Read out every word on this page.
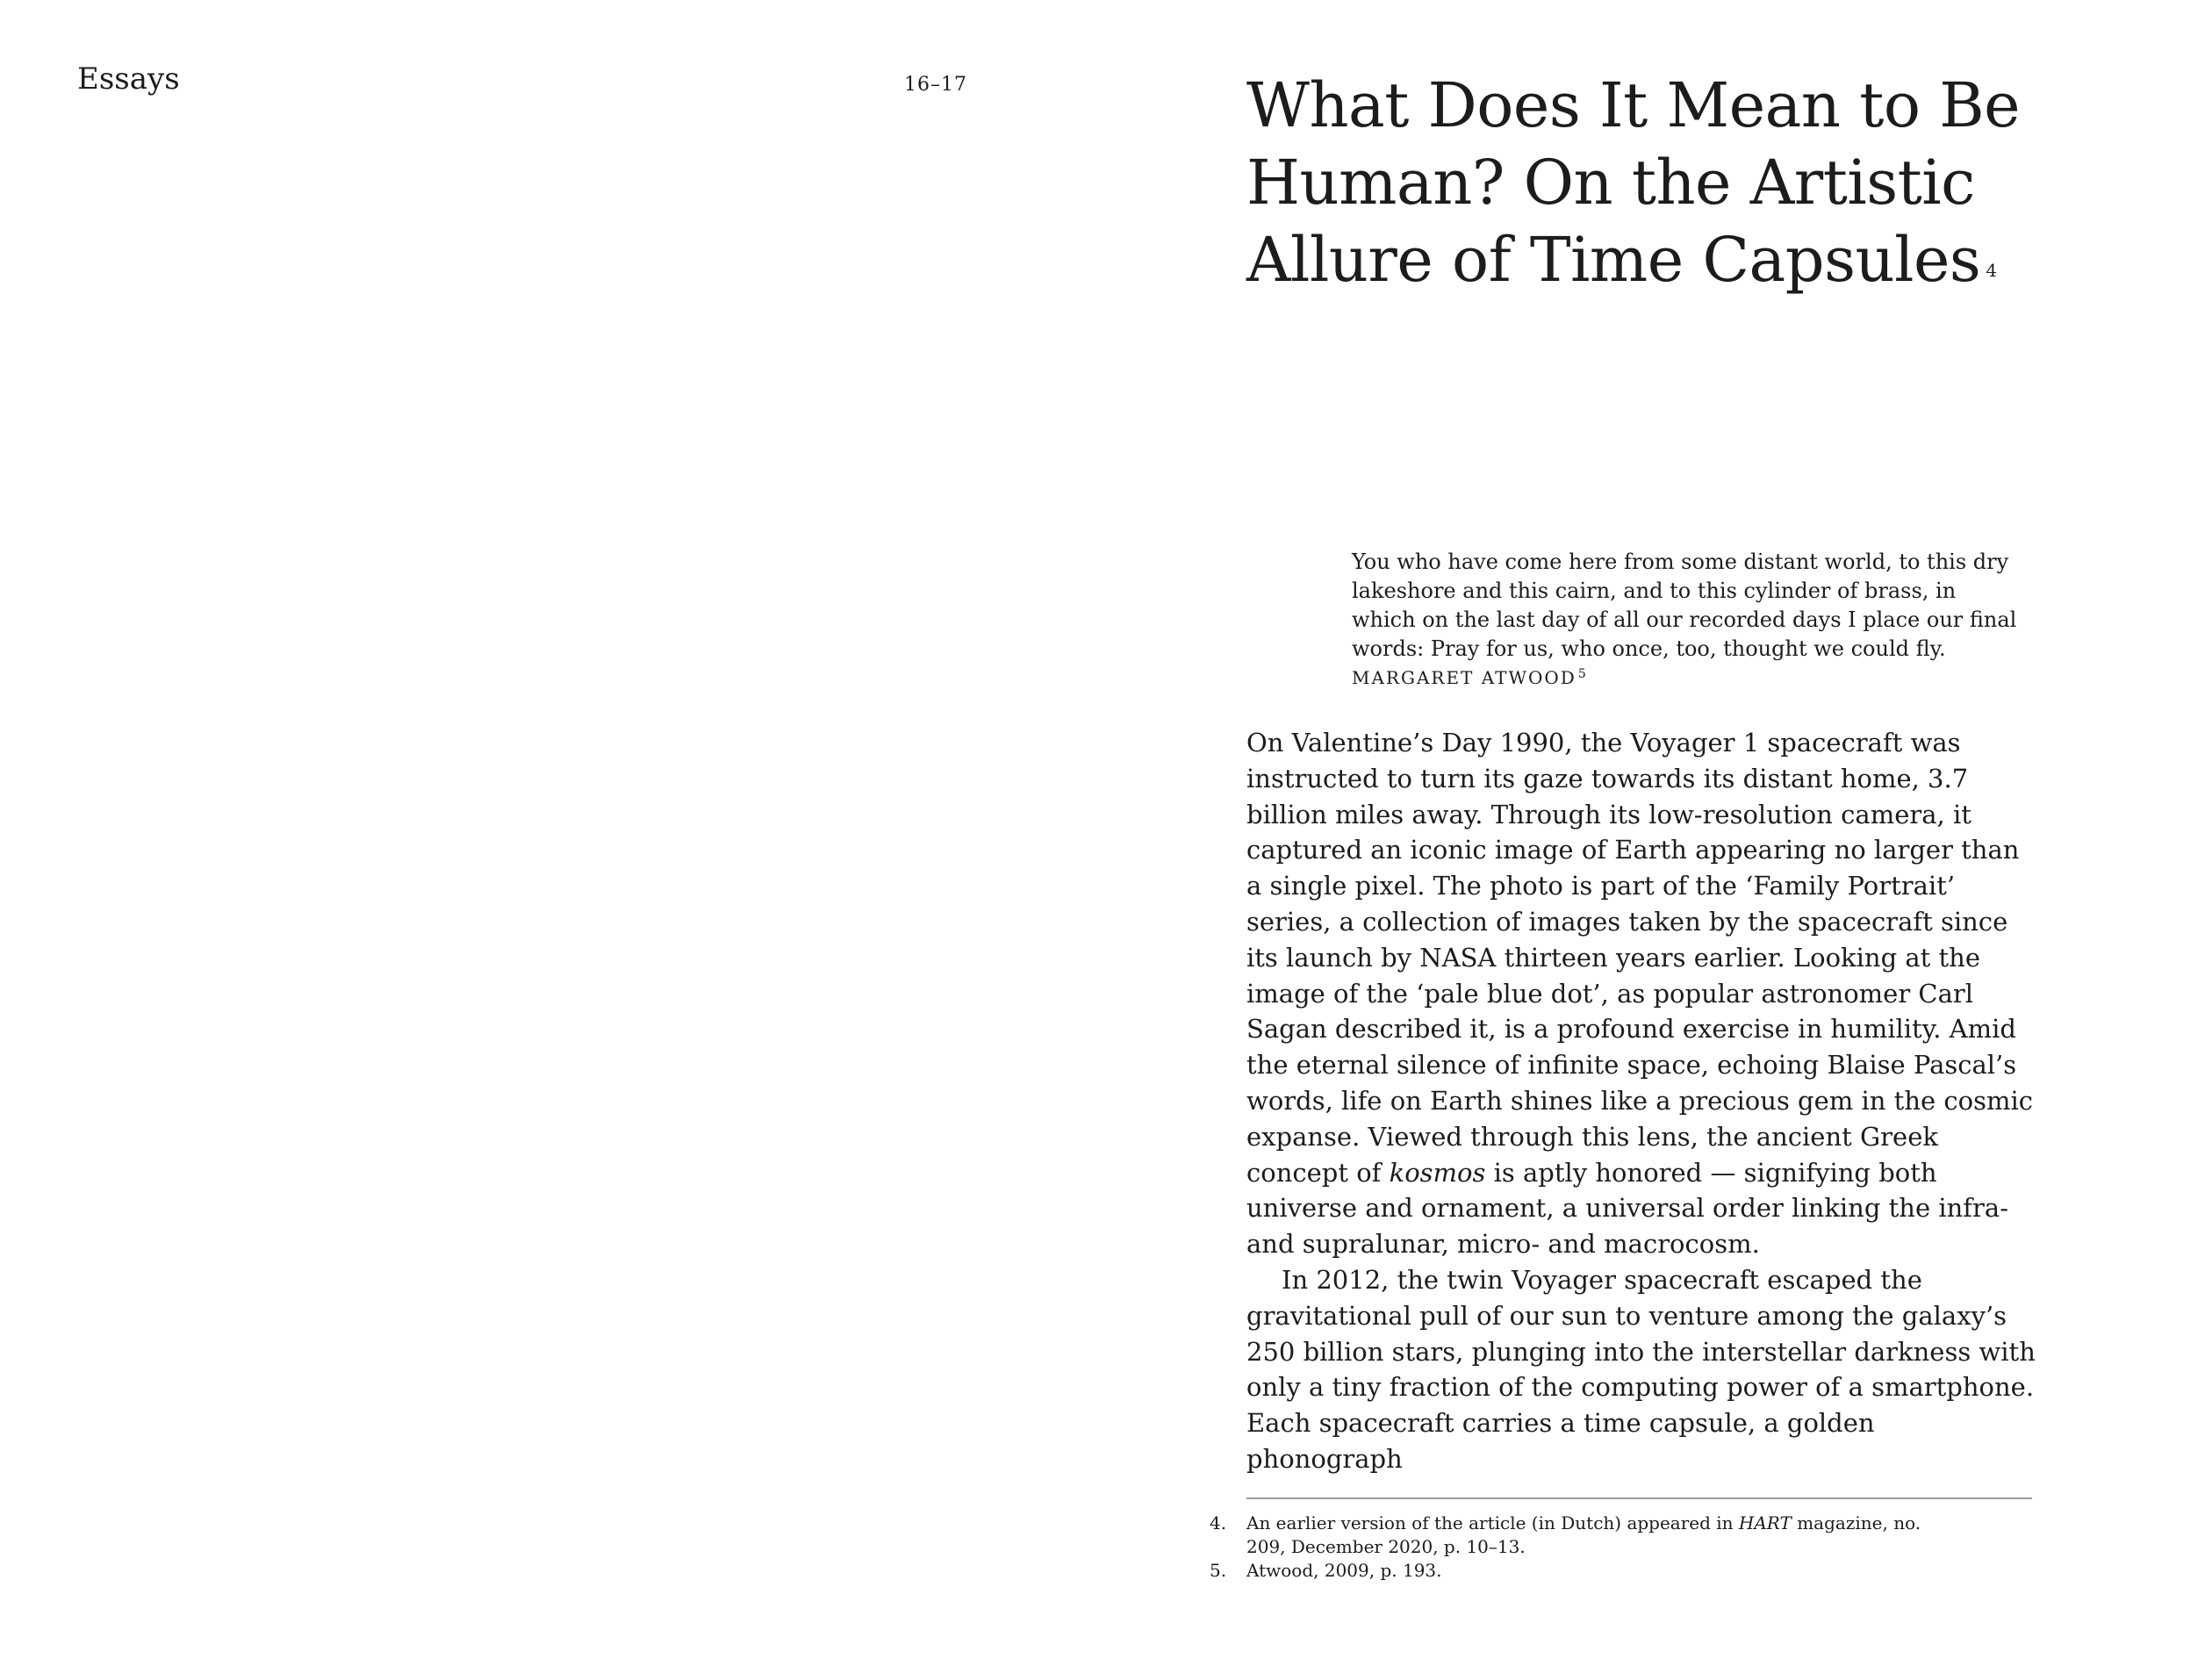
Essays	16–17	What Does It Mean to Be Human? On the Artistic Allure of Time Capsules $^4$
You who have come here from some distant world, to this dry lakeshore and this cairn, and to this cylinder of brass, in which on the last day of all our recorded days I place our final words: Pray for us, who once, too, thought we could fly.
MARGARET ATWOOD $^5$

On Valentine’s Day 1990, the Voyager 1 spacecraft was instructed to turn its gaze towards its distant home, 3.7 billion miles away. Through its low-resolution camera, it captured an iconic image of Earth appearing no larger than a single pixel. The photo is part of the ‘Family Portrait’ series, a collection of images taken by the spacecraft since its launch by NASA thirteen years earlier. Looking at the image of the ‘pale blue dot’, as popular astronomer Carl Sagan described it, is a profound exercise in humility. Amid the eternal silence of infinite space, echoing Blaise Pascal’s words, life on Earth shines like a precious gem in the cosmic expanse. Viewed through this lens, the ancient Greek concept of kosmos is aptly honored — signifying both universe and ornament, a universal order linking the infra- and supralunar, micro- and macrocosm.

In 2012, the twin Voyager spacecraft escaped the gravitational pull of our sun to venture among the galaxy’s 250 billion stars, plunging into the interstellar darkness with only a tiny fraction of the computing power of a smartphone. Each spacecraft carries a time capsule, a golden phonograph

4.	An earlier version of the article (in Dutch) appeared in HART magazine, no. 209, December 2020, p. 10–13.
5.	Atwood, 2009, p. 193.
